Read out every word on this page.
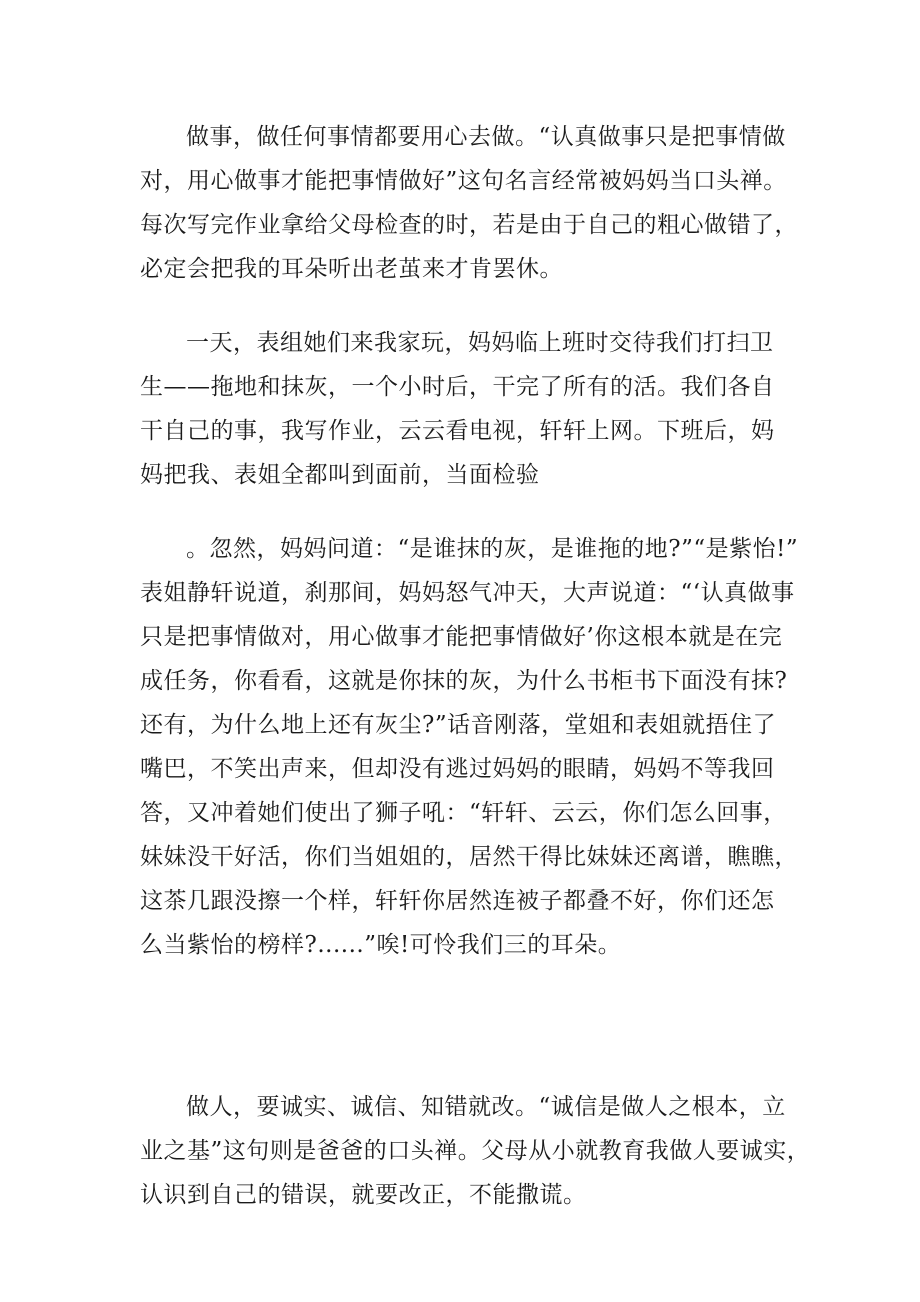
做事，做任何事情都要用心去做。“认真做事只是把事情做
对，用心做事才能把事情做好”这句名言经常被妈妈当口头禅。
每次写完作业拿给父母检查的时，若是由于自己的粗心做错了，
必定会把我的耳朵听出老茧来才肯罢休。

一天，表组她们来我家玩，妈妈临上班时交待我们打扫卫
生——拖地和抹灰，一个小时后，干完了所有的活。我们各自
干自己的事，我写作业，云云看电视，轩轩上网。下班后，妈
妈把我、表姐全都叫到面前，当面检验

。忽然，妈妈问道：“是谁抹的灰，是谁拖的地?”“是紫怡!”
表姐静轩说道，刹那间，妈妈怒气冲天，大声说道：“‘认真做事
只是把事情做对，用心做事才能把事情做好’你这根本就是在完
成任务，你看看，这就是你抹的灰，为什么书柜书下面没有抹?
还有，为什么地上还有灰尘?”话音刚落，堂姐和表姐就捂住了
嘴巴，不笑出声来，但却没有逃过妈妈的眼睛，妈妈不等我回
答，又冲着她们使出了狮子吼：“轩轩、云云，你们怎么回事，
妹妹没干好活，你们当姐姐的，居然干得比妹妹还离谱，瞧瞧，
这茶几跟没擦一个样，轩轩你居然连被子都叠不好，你们还怎
么当紫怡的榜样?......”唉!可怜我们三的耳朵。

做人，要诚实、诚信、知错就改。“诚信是做人之根本，立
业之基”这句则是爸爸的口头禅。父母从小就教育我做人要诚实，
认识到自己的错误，就要改正，不能撒谎。
